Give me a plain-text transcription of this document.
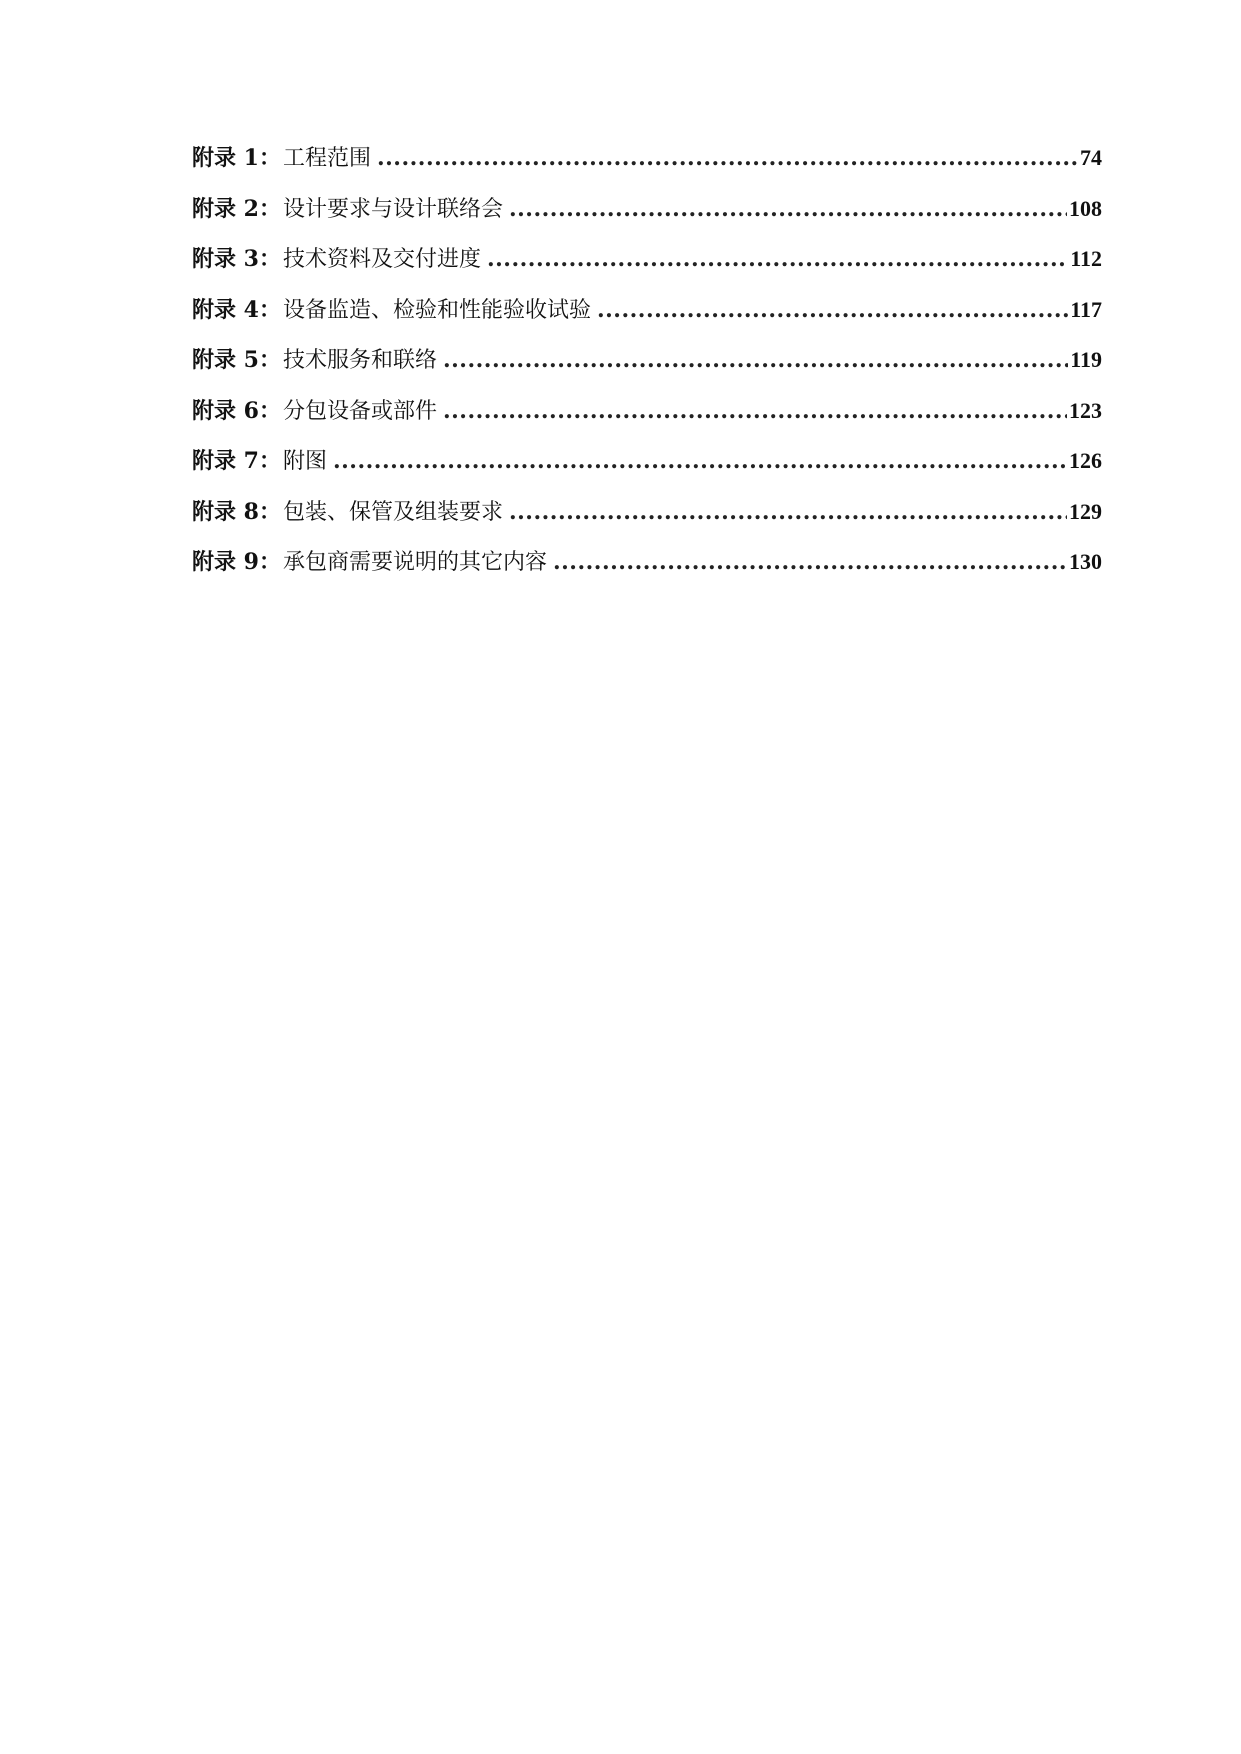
附录 1： 工程范围 .....	74
附录 2： 设计要求与设计联络会 .....	108
附录 3： 技术资料及交付进度 .....	112
附录 4： 设备监造、检验和性能验收试验 .....	117
附录 5： 技术服务和联络 .....	119
附录 6： 分包设备或部件 .....	123
附录 7： 附图 .....	126
附录 8： 包装、保管及组装要求 .....	129
附录 9： 承包商需要说明的其它内容 .....	130
